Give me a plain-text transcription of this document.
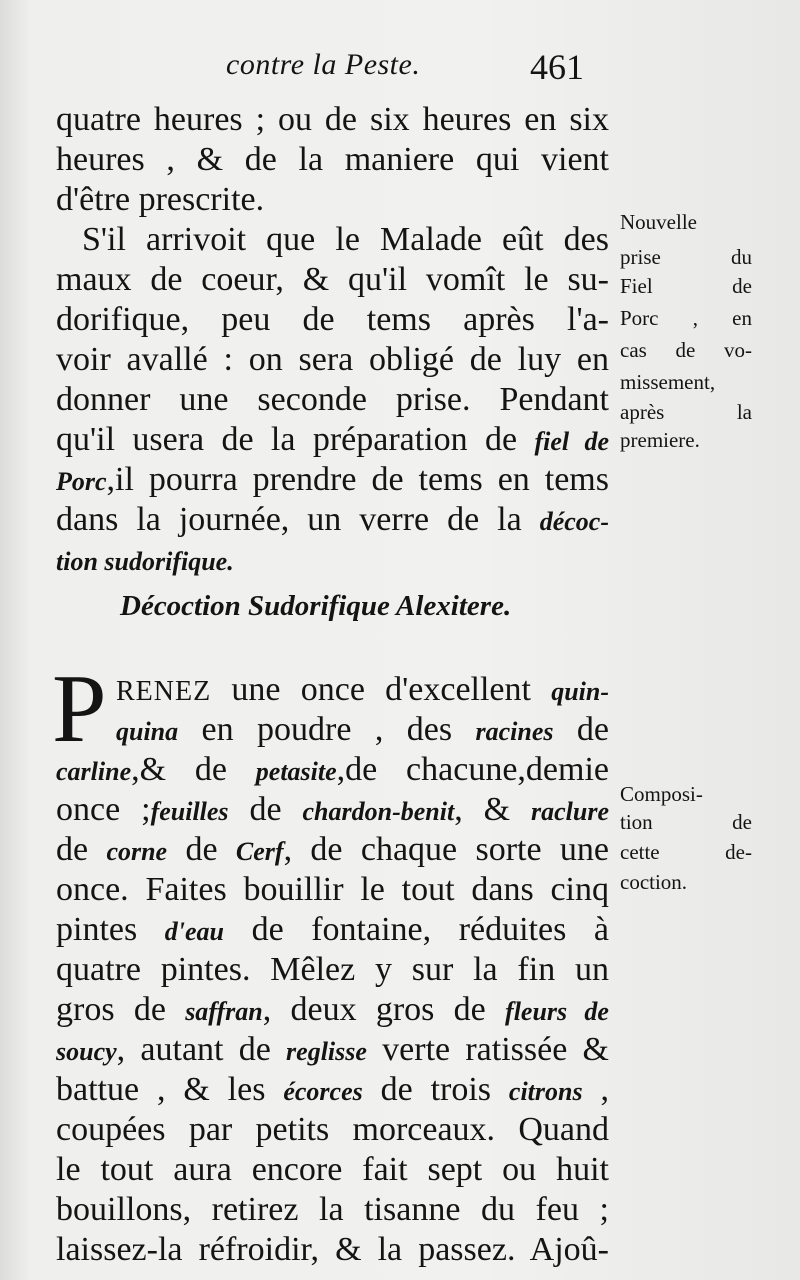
contre la Peste.	461
quatre heures ; ou de six heures en six
heures , & de la maniere qui vient
d'être prescrite.
S'il arrivoit que le Malade eût des
maux de coeur, & qu'il vomît le su-
dorifique, peu de tems après l'a-
voir avallé : on sera obligé de luy en
donner une seconde prise. Pendant
qu'il usera de la préparation de fiel de
Porc,il pourra prendre de tems en tems
dans la journée, un verre de la décoc-
tion sudorifique.
Nouvelle
prise du
Fiel de
Porc , en
cas de vo-
missement,
après la
premiere.
Décoction Sudorifique Alexitere.
P RENEZ une once d'excellent quin-
quina en poudre , des racines de
carline,& de petasite,de chacune,demie
once ;feuilles de chardon-benit, & raclure
de corne de Cerf, de chaque sorte une
once. Faites bouillir le tout dans cinq
pintes d'eau de fontaine, réduites à
quatre pintes. Mêlez y sur la fin un
gros de saffran, deux gros de fleurs de
soucy, autant de reglisse verte ratissée &
battue , & les écorces de trois citrons ,
coupées par petits morceaux. Quand
le tout aura encore fait sept ou huit
bouillons, retirez la tisanne du feu ;
laissez-la réfroidir, & la passez. Ajoû-
Composi-
tion de
cette de-
coction.
